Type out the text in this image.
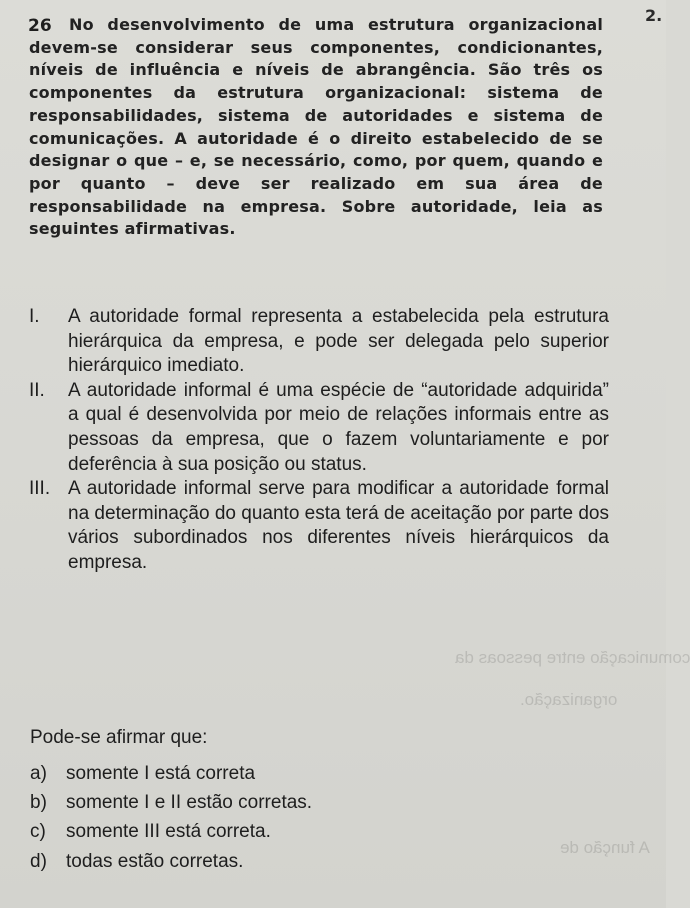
comunicação entre pessoas da
organização.
A função de
2.
26	No desenvolvimento de uma estrutura organizacional devem-se considerar seus componentes, condicionantes, níveis de influência e níveis de abrangência. São três os componentes da estrutura organizacional: sistema de responsabilidades, sistema de autoridades e sistema de comunicações. A autoridade é o direito estabelecido de se designar o que – e, se necessário, como, por quem, quando e por quanto – deve ser realizado em sua área de responsabilidade na empresa. Sobre autoridade, leia as seguintes afirmativas.

I. A autoridade formal representa a estabelecida pela estrutura hierárquica da empresa, e pode ser delegada pelo superior hierárquico imediato.

II. A autoridade informal é uma espécie de “autoridade adquirida” a qual é desenvolvida por meio de relações informais entre as pessoas da empresa, que o fazem voluntariamente e por deferência à sua posição ou status.

III. A autoridade informal serve para modificar a autoridade formal na determinação do quanto esta terá de aceitação por parte dos vários subordinados nos diferentes níveis hierárquicos da empresa.

Pode-se afirmar que:

a) somente I está correta

b) somente I e II estão corretas.

c) somente III está correta.

d) todas estão corretas.
